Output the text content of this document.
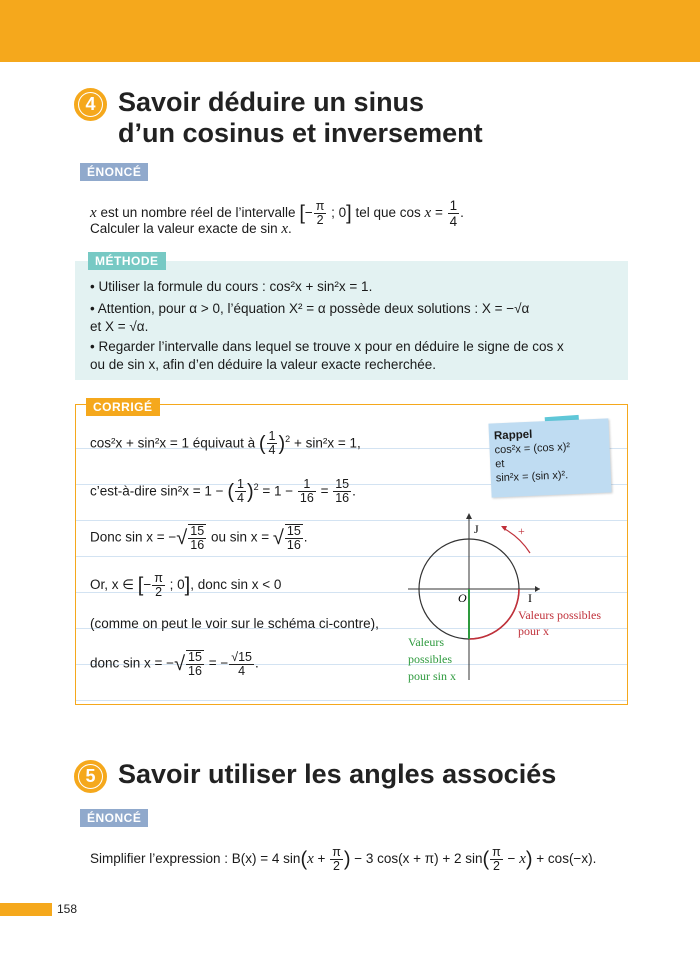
4 Savoir déduire un sinus
d’un cosinus et inversement
ÉNONCÉ
x est un nombre réel de l’intervalle [− $\frac{\pi}{2}$ ; 0] tel que $\cos x = \frac{1}{4}$ .
Calculer la valeur exacte de sin x.
MÉTHODE
• Utiliser la formule du cours : cos²x + sin²x = 1.
• Attention, pour α > 0, l’équation X² = α possède deux solutions : X = −√α
et X = √α.
• Regarder l’intervalle dans lequel se trouve x pour en déduire le signe de cos x
ou de sin x, afin d’en déduire la valeur exacte recherchée.
CORRIGÉ
cos²x + sin²x = 1 équivaut à ( $\frac{1}{4} )^2 + \sin^2x = 1$,
c’est-à-dire sin²x = 1 − ( $\frac{1}{4} )^2 = 1 - \frac{1}{16} = \frac{15}{16}$ .
Donc sin x = −√ $\frac{15}{16}$ ou sin x = √ $\frac{15}{16}$ .
Or, x ∈ [− $\frac{\pi}{2}$ ; 0], donc sin x < 0
(comme on peut le voir sur le schéma ci-contre),
donc sin x = −√ $\frac{15}{16}$ = − $\frac{√15}{4}$ .
Rappel
cos²x = (cos x)²
et
sin²x = (sin x)².
+
J
I
O
Valeurs possibles
pour x
Valeurs
possibles
pour sin x
5 Savoir utiliser les angles associés
ÉNONCÉ
Simplifier l’expression : B(x) = 4 $\sin(x + \frac{\pi}{2}$ ) − 3 cos(x + π) + 2 $\sin( \frac{\pi}{2} - x) + \cos(-x)$.
158
